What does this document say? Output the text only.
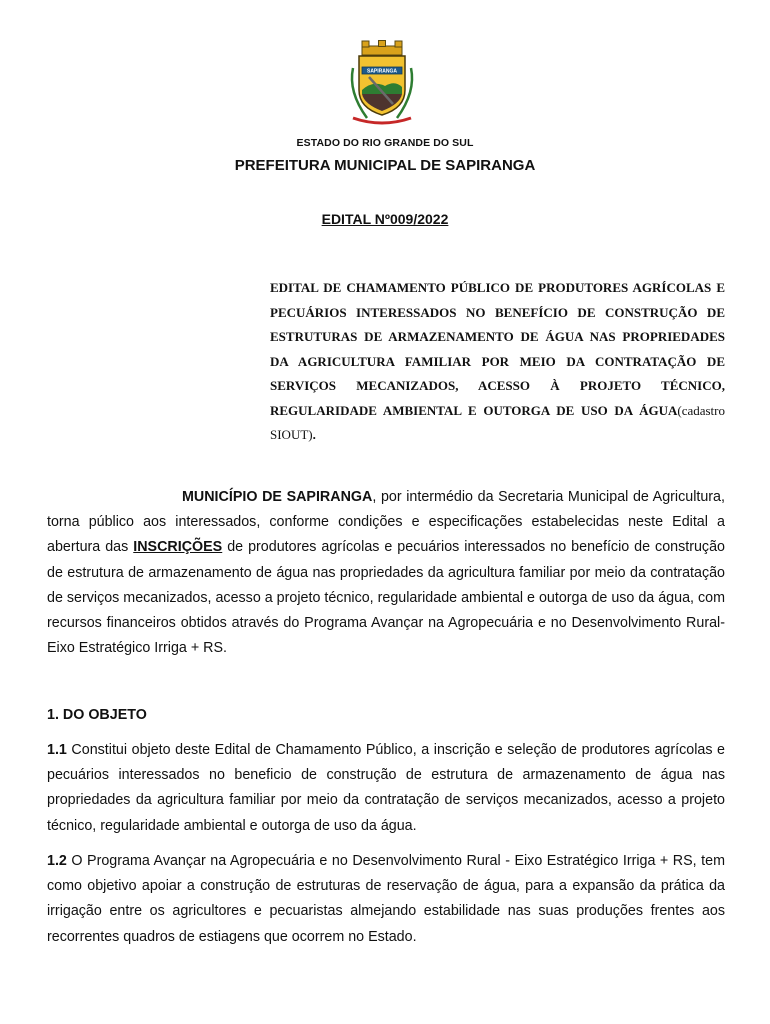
SAPIRANGA
ESTADO DO RIO GRANDE DO SUL
PREFEITURA MUNICIPAL DE SAPIRANGA
EDITAL Nº009/2022

EDITAL DE CHAMAMENTO PÚBLICO DE PRODUTORES AGRÍCOLAS E PECUÁRIOS INTERESSADOS NO BENEFÍCIO DE CONSTRUÇÃO DE ESTRUTURAS DE ARMAZENAMENTO DE ÁGUA NAS PROPRIEDADES DA AGRICULTURA FAMILIAR POR MEIO DA CONTRATAÇÃO DE SERVIÇOS MECANIZADOS, ACESSO À PROJETO TÉCNICO, REGULARIDADE AMBIENTAL E OUTORGA DE USO DA ÁGUA(cadastro SIOUT).

MUNICÍPIO DE SAPIRANGA, por intermédio da Secretaria Municipal de Agricultura, torna público aos interessados, conforme condições e especificações estabelecidas neste Edital a abertura das INSCRIÇÕES de produtores agrícolas e pecuários interessados no benefício de construção de estrutura de armazenamento de água nas propriedades da agricultura familiar por meio da contratação de serviços mecanizados, acesso a projeto técnico, regularidade ambiental e outorga de uso da água, com recursos financeiros obtidos através do Programa Avançar na Agropecuária e no Desenvolvimento Rural- Eixo Estratégico Irriga + RS.

1. DO OBJETO

1.1 Constitui objeto deste Edital de Chamamento Público, a inscrição e seleção de produtores agrícolas e pecuários interessados no beneficio de construção de estrutura de armazenamento de água nas propriedades da agricultura familiar por meio da contratação de serviços mecanizados, acesso a projeto técnico, regularidade ambiental e outorga de uso da água.

1.2 O Programa Avançar na Agropecuária e no Desenvolvimento Rural - Eixo Estratégico Irriga + RS, tem como objetivo apoiar a construção de estruturas de reservação de água, para a expansão da prática da irrigação entre os agricultores e pecuaristas almejando estabilidade nas suas produções frentes aos recorrentes quadros de estiagens que ocorrem no Estado.
